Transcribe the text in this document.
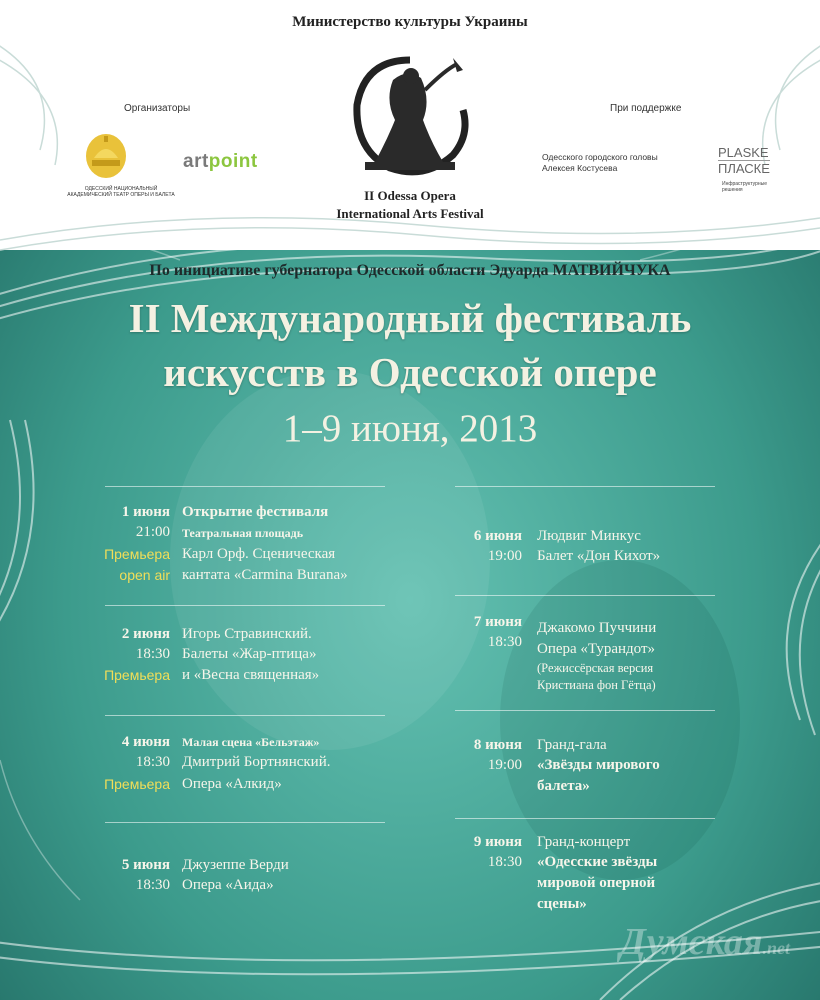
Министерство культуры Украины
Организаторы	При поддержке
ОДЕССКИЙ НАЦИОНАЛЬНЫЙ АКАДЕМИЧЕСКИЙ ТЕАТР ОПЕРЫ И БАЛЕТА
artpoint
II Odessa Opera
International Arts Festival
Одесского городского головы
Алексея Костусева
PLASKE
ПЛАСКЕ
Инфраструктурные решения
По инициативе губернатора Одесской области Эдуарда МАТВИЙЧУКА
II Международный фестиваль
искусств в Одесской опере
1–9 июня, 2013
1 июня
21:00
Премьера
open air
Открытие фестиваля
Театральная площадь
Карл Орф. Сценическая
кантата «Carmina Burana»
2 июня
18:30
Премьера
Игорь Стравинский.
Балеты «Жар-птица»
и «Весна священная»
4 июня
18:30
Премьера
Малая сцена «Бельэтаж»
Дмитрий Бортнянский.
Опера «Алкид»
5 июня
18:30
Джузеппе Верди
Опера «Аида»
6 июня
19:00
Людвиг Минкус
Балет «Дон Кихот»
7 июня
18:30
Джакомо Пуччини
Опера «Турандот»
(Режиссёрская версия
Кристиана фон Гётца)
8 июня
19:00
Гранд-гала
«Звёзды мирового
балета»
9 июня
18:30
Гранд-концерт
«Одесские звёзды
мировой оперной
сцены»
Думская.net
